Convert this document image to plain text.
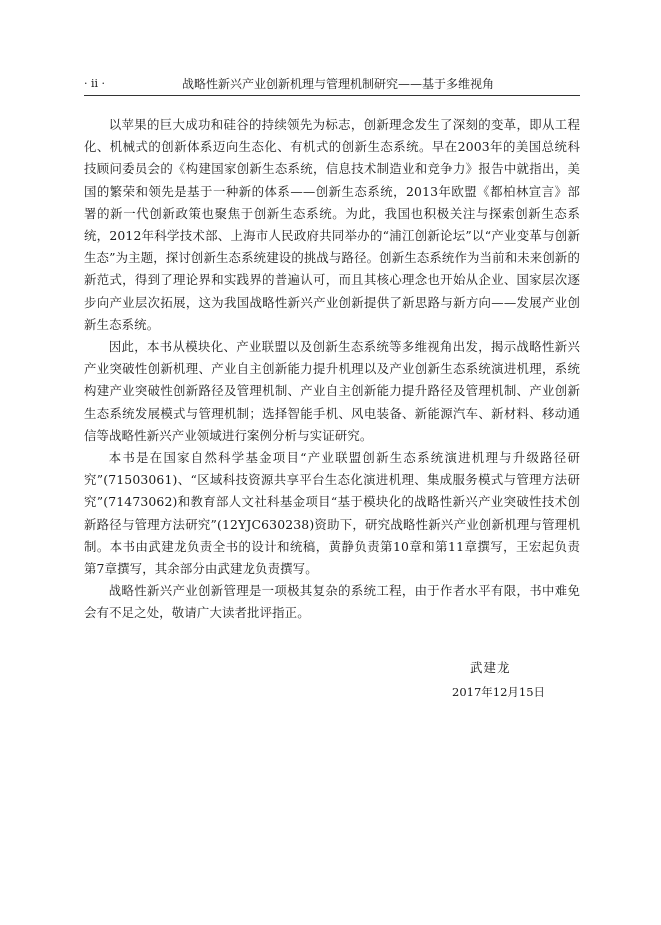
· ii ·	战略性新兴产业创新机理与管理机制研究——基于多维视角

以苹果的巨大成功和硅谷的持续领先为标志，创新理念发生了深刻的变革，即从工程化、机械式的创新体系迈向生态化、有机式的创新生态系统。早在2003年的美国总统科技顾问委员会的《构建国家创新生态系统，信息技术制造业和竞争力》报告中就指出，美国的繁荣和领先是基于一种新的体系——创新生态系统，2013年欧盟《都柏林宣言》部署的新一代创新政策也聚焦于创新生态系统。为此，我国也积极关注与探索创新生态系统，2012年科学技术部、上海市人民政府共同举办的“浦江创新论坛”以“产业变革与创新生态”为主题，探讨创新生态系统建设的挑战与路径。创新生态系统作为当前和未来创新的新范式，得到了理论界和实践界的普遍认可，而且其核心理念也开始从企业、国家层次逐步向产业层次拓展，这为我国战略性新兴产业创新提供了新思路与新方向——发展产业创新生态系统。

因此，本书从模块化、产业联盟以及创新生态系统等多维视角出发，揭示战略性新兴产业突破性创新机理、产业自主创新能力提升机理以及产业创新生态系统演进机理，系统构建产业突破性创新路径及管理机制、产业自主创新能力提升路径及管理机制、产业创新生态系统发展模式与管理机制；选择智能手机、风电装备、新能源汽车、新材料、移动通信等战略性新兴产业领域进行案例分析与实证研究。

本书是在国家自然科学基金项目“产业联盟创新生态系统演进机理与升级路径研究”(71503061)、“区域科技资源共享平台生态化演进机理、集成服务模式与管理方法研究”(71473062)和教育部人文社科基金项目“基于模块化的战略性新兴产业突破性技术创新路径与管理方法研究”(12YJC630238)资助下，研究战略性新兴产业创新机理与管理机制。本书由武建龙负责全书的设计和统稿，黄静负责第10章和第11章撰写，王宏起负责第7章撰写，其余部分由武建龙负责撰写。

战略性新兴产业创新管理是一项极其复杂的系统工程，由于作者水平有限，书中难免会有不足之处，敬请广大读者批评指正。

武建龙
2017年12月15日
